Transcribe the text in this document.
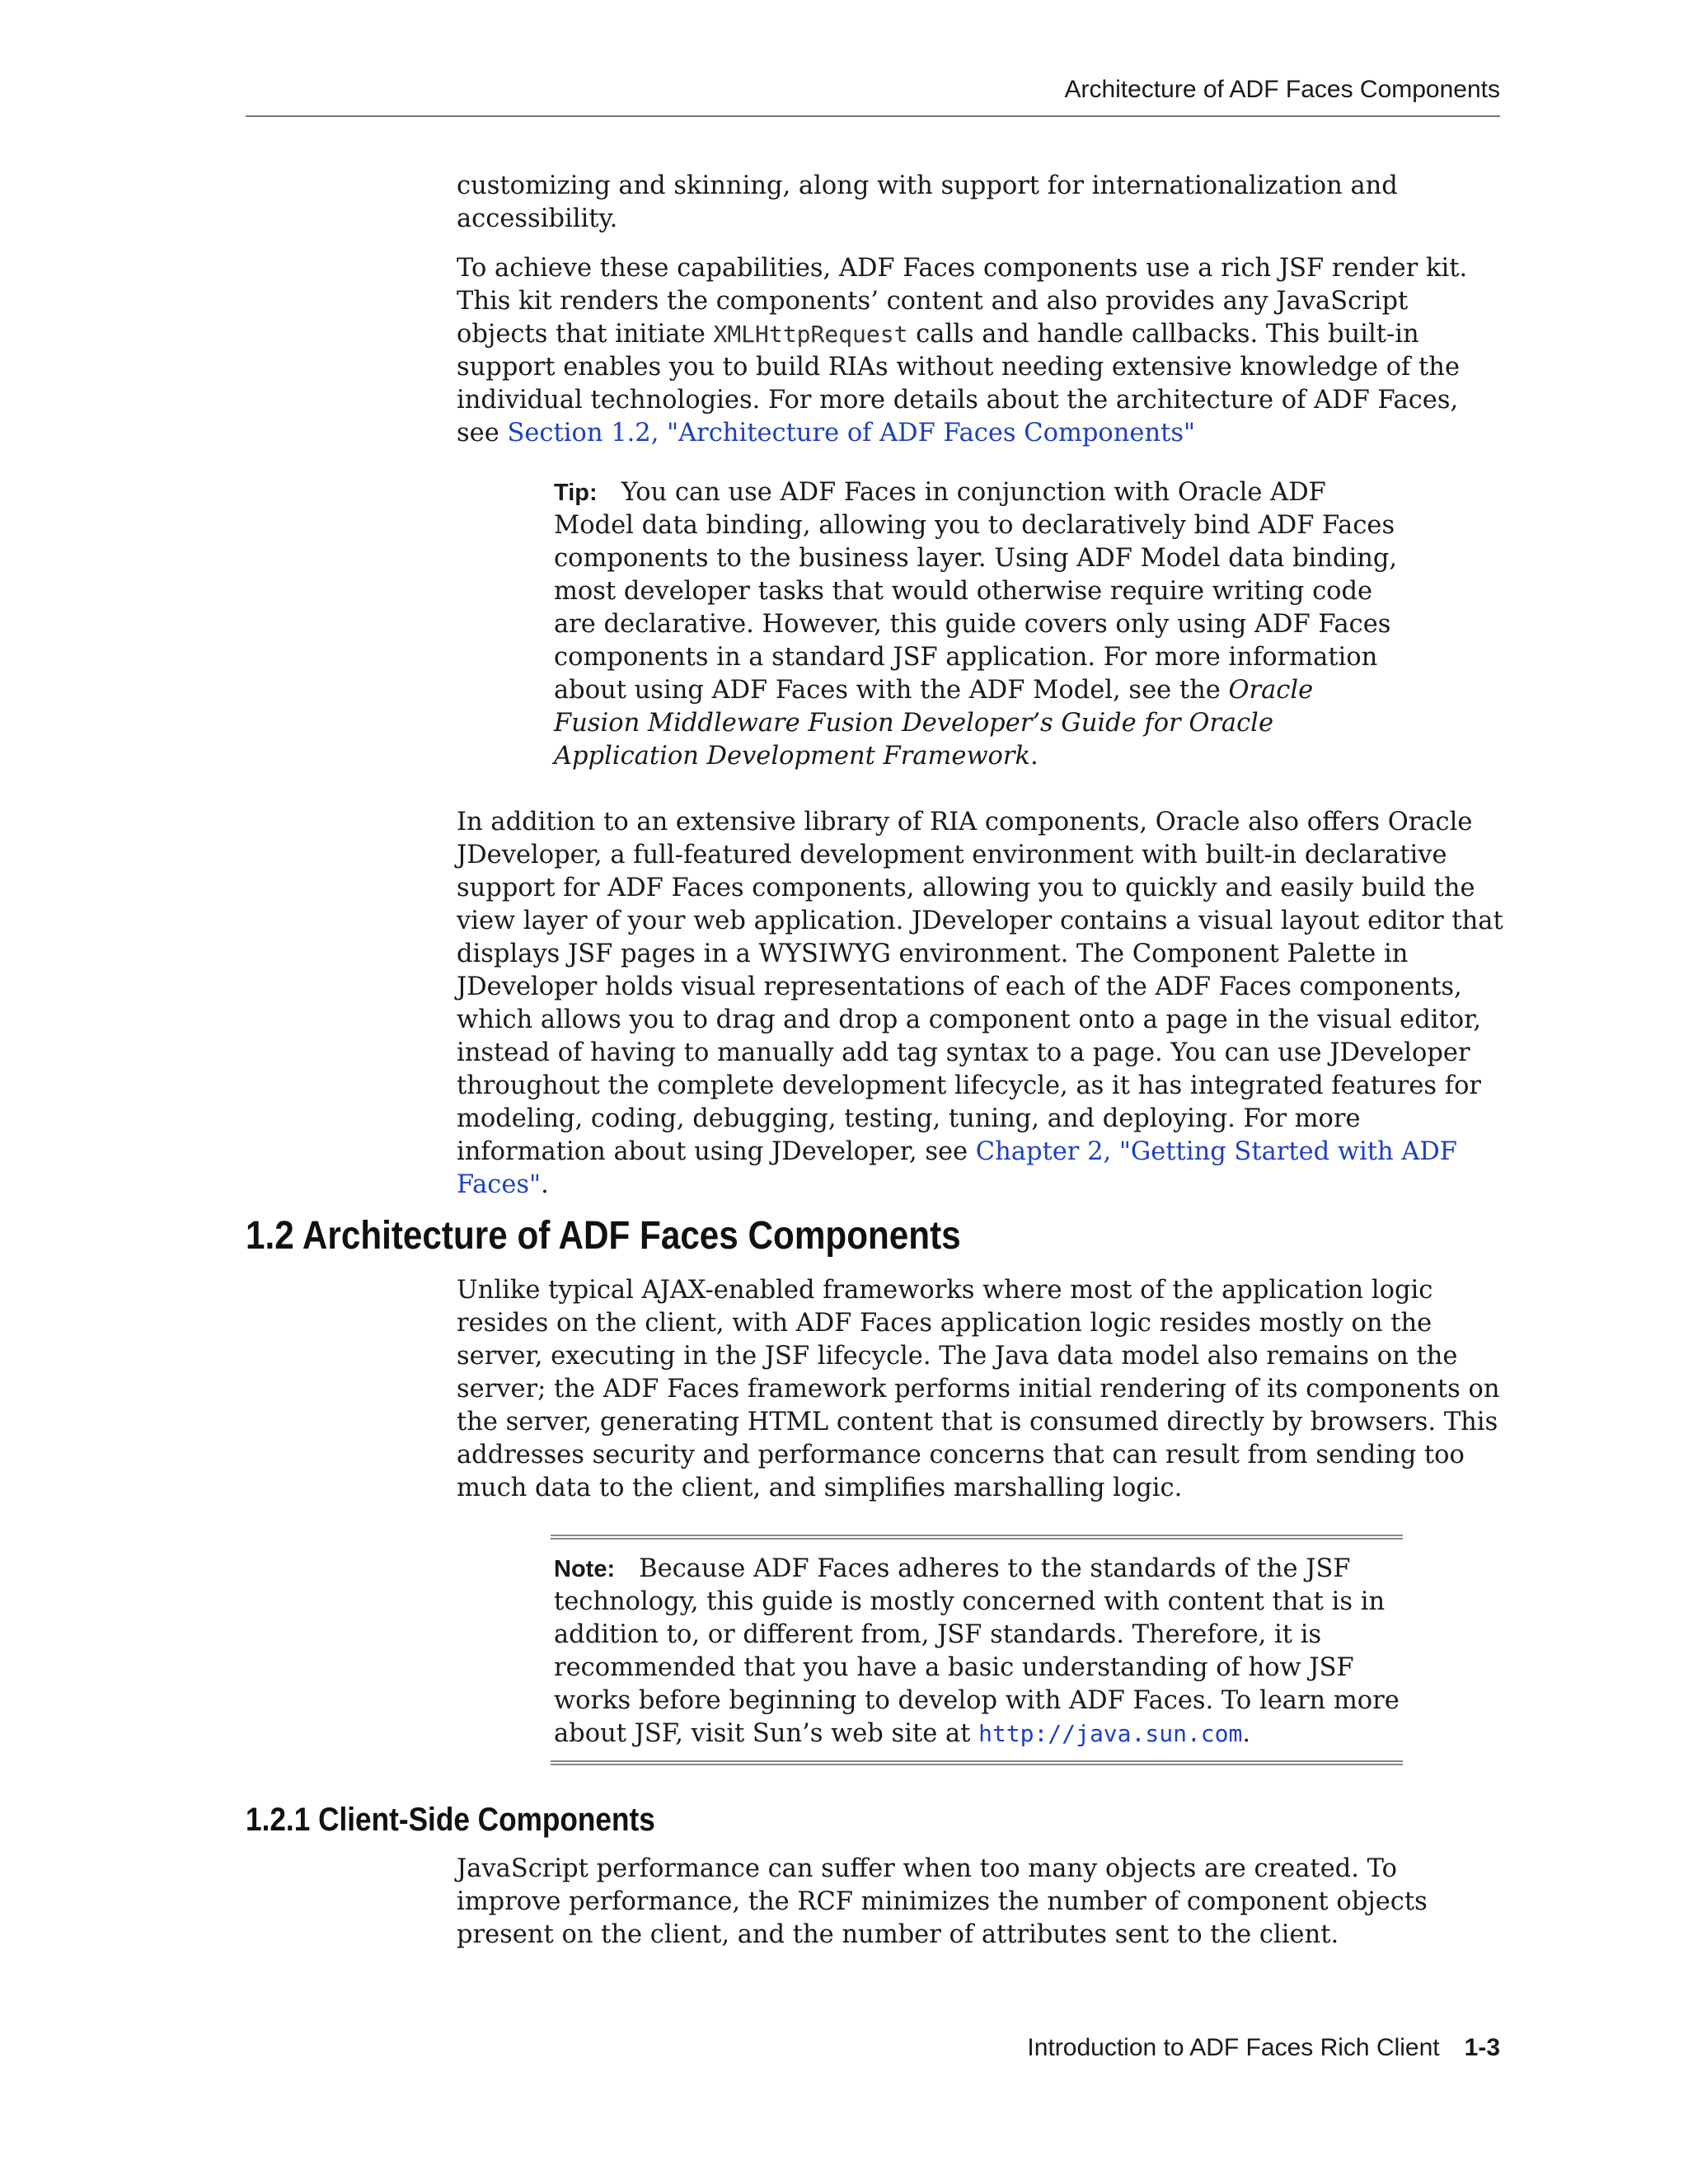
Architecture of ADF Faces Components

customizing and skinning, along with support for internationalization and accessibility.

To achieve these capabilities, ADF Faces components use a rich JSF render kit. This kit renders the components’ content and also provides any JavaScript objects that initiate XMLHttpRequest calls and handle callbacks. This built-in support enables you to build RIAs without needing extensive knowledge of the individual technologies. For more details about the architecture of ADF Faces, see Section 1.2, "Architecture of ADF Faces Components"

Tip: You can use ADF Faces in conjunction with Oracle ADF Model data binding, allowing you to declaratively bind ADF Faces components to the business layer. Using ADF Model data binding, most developer tasks that would otherwise require writing code are declarative. However, this guide covers only using ADF Faces components in a standard JSF application. For more information about using ADF Faces with the ADF Model, see the Oracle Fusion Middleware Fusion Developer’s Guide for Oracle Application Development Framework.

In addition to an extensive library of RIA components, Oracle also offers Oracle JDeveloper, a full-featured development environment with built-in declarative support for ADF Faces components, allowing you to quickly and easily build the view layer of your web application. JDeveloper contains a visual layout editor that displays JSF pages in a WYSIWYG environment. The Component Palette in JDeveloper holds visual representations of each of the ADF Faces components, which allows you to drag and drop a component onto a page in the visual editor, instead of having to manually add tag syntax to a page. You can use JDeveloper throughout the complete development lifecycle, as it has integrated features for modeling, coding, debugging, testing, tuning, and deploying. For more information about using JDeveloper, see Chapter 2, "Getting Started with ADF Faces".

1.2 Architecture of ADF Faces Components

Unlike typical AJAX-enabled frameworks where most of the application logic resides on the client, with ADF Faces application logic resides mostly on the server, executing in the JSF lifecycle. The Java data model also remains on the server; the ADF Faces framework performs initial rendering of its components on the server, generating HTML content that is consumed directly by browsers. This addresses security and performance concerns that can result from sending too much data to the client, and simplifies marshalling logic.

Note: Because ADF Faces adheres to the standards of the JSF technology, this guide is mostly concerned with content that is in addition to, or different from, JSF standards. Therefore, it is recommended that you have a basic understanding of how JSF works before beginning to develop with ADF Faces. To learn more about JSF, visit Sun’s web site at http://java.sun.com.

1.2.1 Client-Side Components

JavaScript performance can suffer when too many objects are created. To improve performance, the RCF minimizes the number of component objects present on the client, and the number of attributes sent to the client.

Introduction to ADF Faces Rich Client 1-3
